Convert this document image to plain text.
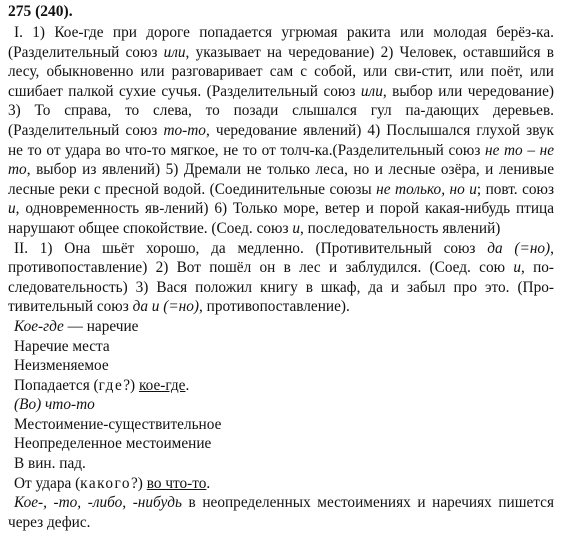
275 (240).

I. 1) Кое-где при дороге попадается угрюмая ракита или молодая берёз-ка. (Разделительный союз или, указывает на чередование) 2) Человек, оставшийся в лесу, обыкновенно или разговаривает сам с собой, или сви-стит, или поёт, или сшибает палкой сухие сучья. (Разделительный союз или, выбор или чередование) 3) То справа, то слева, то позади слышался гул па-дающих деревьев. (Разделительный союз то-то, чередование явлений) 4) Послышался глухой звук не то от удара во что-то мягкое, не то от толч-ка.(Разделительный союз не то – не то, выбор из явлений) 5) Дремали не только леса, но и лесные озёра, и ленивые лесные реки с пресной водой. (Соединительные союзы не только, но и; повт. союз и, одновременность яв-лений) 6) Только море, ветер и порой какая-нибудь птица нарушают общее спокойствие. (Соед. союз и, последовательность явлений)

II. 1) Она шьёт хорошо, да медленно. (Противительный союз да (=но), противопоставление) 2) Вот пошёл он в лес и заблудился. (Соед. сою и, по-следовательность) 3) Вася положил книгу в шкаф, да и забыл про это. (Про-тивительный союз да и (=но), противопоставление).

Кое-где — наречие

Наречие места

Неизменяемое

Попадается (где?) кое-где.

(Во) что-то

Местоимение-существительное

Неопределенное местоимение

В вин. пад.

От удара (какого?) во что-то.

Кое-, -то, -либо, -нибудь в неопределенных местоимениях и наречиях пишется через дефис.
